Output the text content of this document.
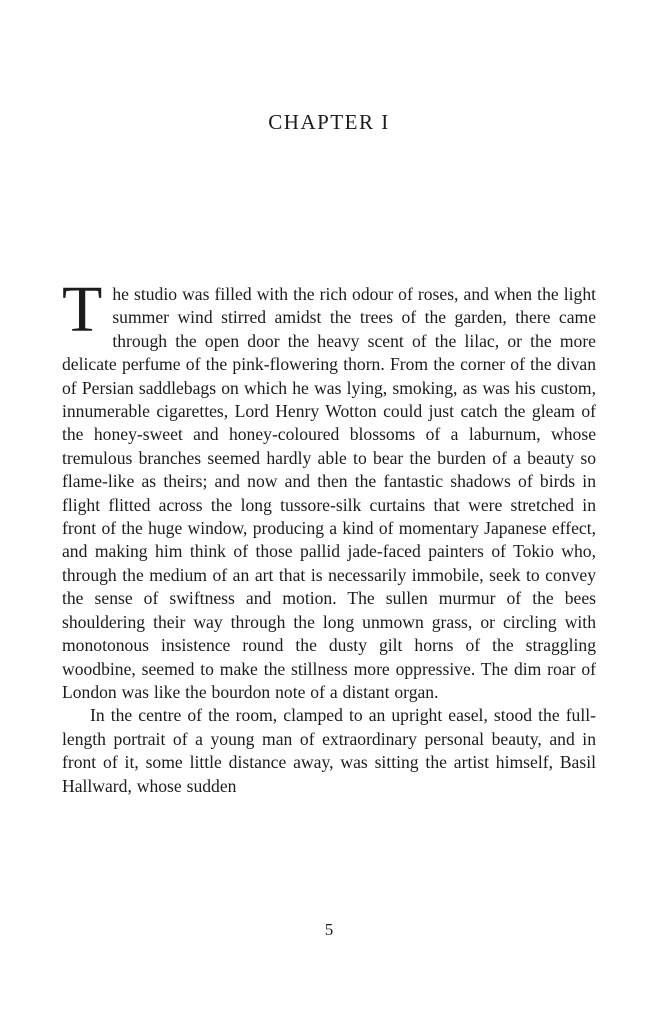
CHAPTER I

The studio was filled with the rich odour of roses, and when the light summer wind stirred amidst the trees of the garden, there came through the open door the heavy scent of the lilac, or the more delicate perfume of the pink-flowering thorn. From the corner of the divan of Persian saddlebags on which he was lying, smoking, as was his custom, innumerable cigarettes, Lord Henry Wotton could just catch the gleam of the honey-sweet and honey-coloured blossoms of a laburnum, whose tremulous branches seemed hardly able to bear the burden of a beauty so flame-like as theirs; and now and then the fantastic shadows of birds in flight flitted across the long tussore-silk curtains that were stretched in front of the huge window, producing a kind of momentary Japanese effect, and making him think of those pallid jade-faced painters of Tokio who, through the medium of an art that is necessarily immobile, seek to convey the sense of swiftness and motion. The sullen murmur of the bees shouldering their way through the long unmown grass, or circling with monotonous insistence round the dusty gilt horns of the straggling woodbine, seemed to make the stillness more oppressive. The dim roar of London was like the bourdon note of a distant organ.

In the centre of the room, clamped to an upright easel, stood the full-length portrait of a young man of extraordinary personal beauty, and in front of it, some little distance away, was sitting the artist himself, Basil Hallward, whose sudden

5
